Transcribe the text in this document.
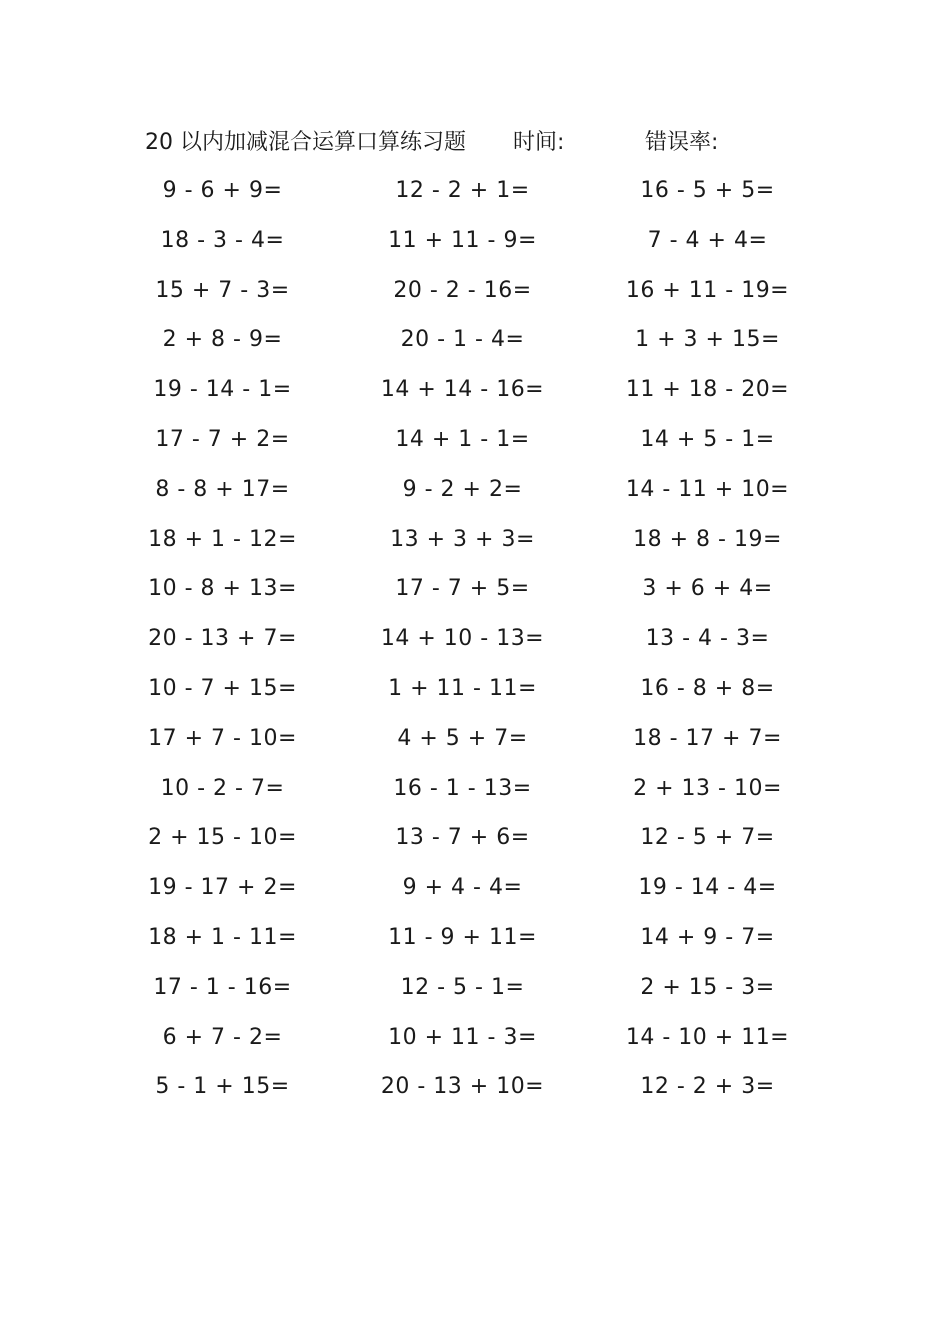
20 以内加减混合运算口算练习题 时间:	错误率:
9 - 6 + 9=	12 - 2 + 1=	16 - 5 + 5=
18 - 3 - 4=	11 + 11 - 9=	7 - 4 + 4=
15 + 7 - 3=	20 - 2 - 16=	16 + 11 - 19=
2 + 8 - 9=	20 - 1 - 4=	1 + 3 + 15=
19 - 14 - 1=	14 + 14 - 16=	11 + 18 - 20=
17 - 7 + 2=	14 + 1 - 1=	14 + 5 - 1=
8 - 8 + 17=	9 - 2 + 2=	14 - 11 + 10=
18 + 1 - 12=	13 + 3 + 3=	18 + 8 - 19=
10 - 8 + 13=	17 - 7 + 5=	3 + 6 + 4=
20 - 13 + 7=	14 + 10 - 13=	13 - 4 - 3=
10 - 7 + 15=	1 + 11 - 11=	16 - 8 + 8=
17 + 7 - 10=	4 + 5 + 7=	18 - 17 + 7=
10 - 2 - 7=	16 - 1 - 13=	2 + 13 - 10=
2 + 15 - 10=	13 - 7 + 6=	12 - 5 + 7=
19 - 17 + 2=	9 + 4 - 4=	19 - 14 - 4=
18 + 1 - 11=	11 - 9 + 11=	14 + 9 - 7=
17 - 1 - 16=	12 - 5 - 1=	2 + 15 - 3=
6 + 7 - 2=	10 + 11 - 3=	14 - 10 + 11=
5 - 1 + 15=	20 - 13 + 10=	12 - 2 + 3=
